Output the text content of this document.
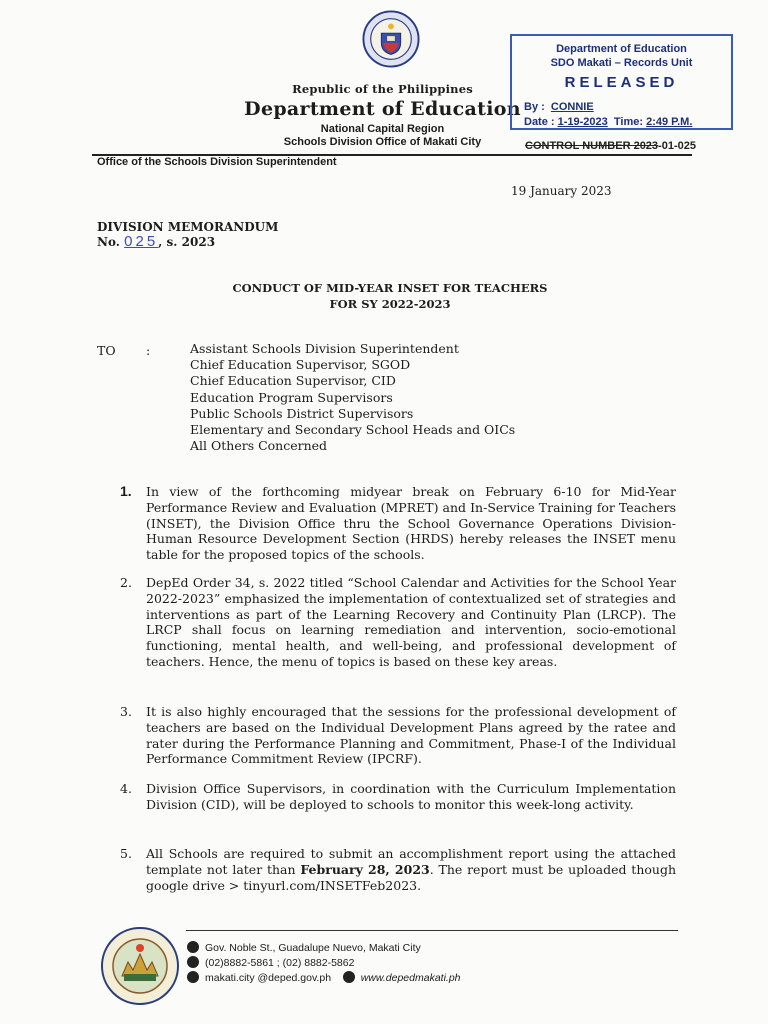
Republic of the Philippines
Department of Education
National Capital Region
Schools Division Office of Makati City
Department of Education
SDO Makati – Records Unit
RELEASED
By : CONNIE
Date : 1-19-2023 Time: 2:49 P.M.
CONTROL NUMBER 2023-01-025
Office of the Schools Division Superintendent
19 January 2023
DIVISION MEMORANDUM
No. 025, s. 2023
CONDUCT OF MID-YEAR INSET FOR TEACHERS
FOR SY 2022-2023
TO :	Assistant Schools Division Superintendent
Chief Education Supervisor, SGOD
Chief Education Supervisor, CID
Education Program Supervisors
Public Schools District Supervisors
Elementary and Secondary School Heads and OICs
All Others Concerned
1.	In view of the forthcoming midyear break on February 6-10 for Mid-Year Performance Review and Evaluation (MPRET) and In-Service Training for Teachers (INSET), the Division Office thru the School Governance Operations Division-Human Resource Development Section (HRDS) hereby releases the INSET menu table for the proposed topics of the schools.
2.	DepEd Order 34, s. 2022 titled “School Calendar and Activities for the School Year 2022-2023” emphasized the implementation of contextualized set of strategies and interventions as part of the Learning Recovery and Continuity Plan (LRCP). The LRCP shall focus on learning remediation and intervention, socio-emotional functioning, mental health, and well-being, and professional development of teachers. Hence, the menu of topics is based on these key areas.
3.	It is also highly encouraged that the sessions for the professional development of teachers are based on the Individual Development Plans agreed by the ratee and rater during the Performance Planning and Commitment, Phase-I of the Individual Performance Commitment Review (IPCRF).
4.	Division Office Supervisors, in coordination with the Curriculum Implementation Division (CID), will be deployed to schools to monitor this week-long activity.
5.	All Schools are required to submit an accomplishment report using the attached template not later than February 28, 2023. The report must be uploaded though google drive > tinyurl.com/INSETFeb2023.
Gov. Noble St., Guadalupe Nuevo, Makati City
(02)8882-5861 ; (02) 8882-5862
makati.city @deped.gov.ph	www.depedmakati.ph
